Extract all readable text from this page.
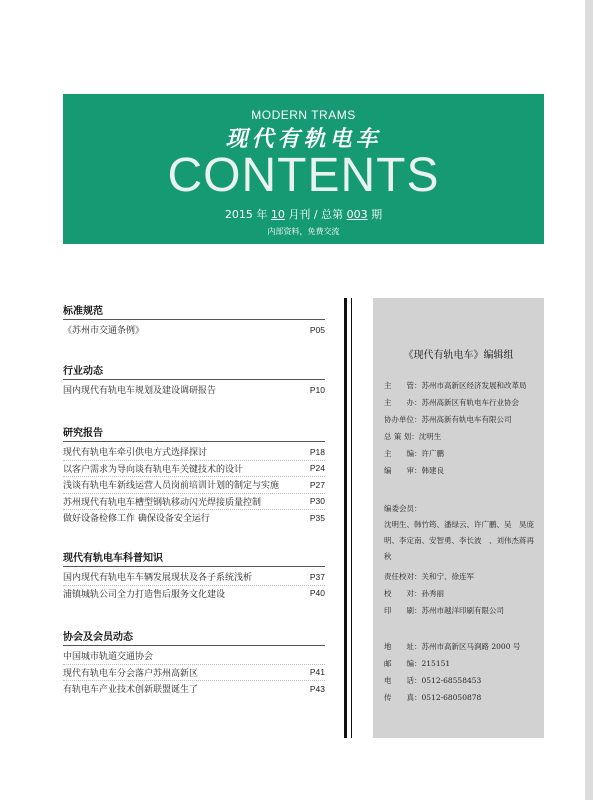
MODERN TRAMS
现代有轨电车
CONTENTS
2015 年 10 月刊 / 总第 003 期
内部资料，免费交流
标准规范
《苏州市交通条例》	P05
行业动态
国内现代有轨电车规划及建设调研报告	P10
研究报告
现代有轨电车牵引供电方式选择探讨	P18
以客户需求为导向谈有轨电车关键技术的设计	P24
浅谈有轨电车新线运营人员岗前培训计划的制定与实施	P27
苏州现代有轨电车槽型钢轨移动闪光焊接质量控制	P30
做好设备检修工作 确保设备安全运行	P35
现代有轨电车科普知识
国内现代有轨电车车辆发展现状及各子系统浅析	P37
浦镇城轨公司全力打造售后服务文化建设	P40
协会及会员动态
中国城市轨道交通协会
现代有轨电车分会落户苏州高新区	P41
有轨电车产业技术创新联盟诞生了	P43
《现代有轨电车》编辑组
主　　管：苏州市高新区经济发展和改革局
主　　办：苏州高新区有轨电车行业协会
协办单位：苏州高新有轨电车有限公司
总 策 划：沈明生
主　　编：许广鹏
编　　审：韩建良
编委会员：
沈明生、韩竹筠、潘绿云、许广鹏、吴　昊庞　明、李定南、安智勇、李长波　、刘伟杰蒋再秋
责任校对：关和宁、徐连军
校　　对：孙秀丽
印　　刷：苏州市越洋印刷有限公司
地　　址：苏州市高新区马涧路 2000 号
邮　　编：215151
电　　话：0512-68558453
传　　真：0512-68050878
